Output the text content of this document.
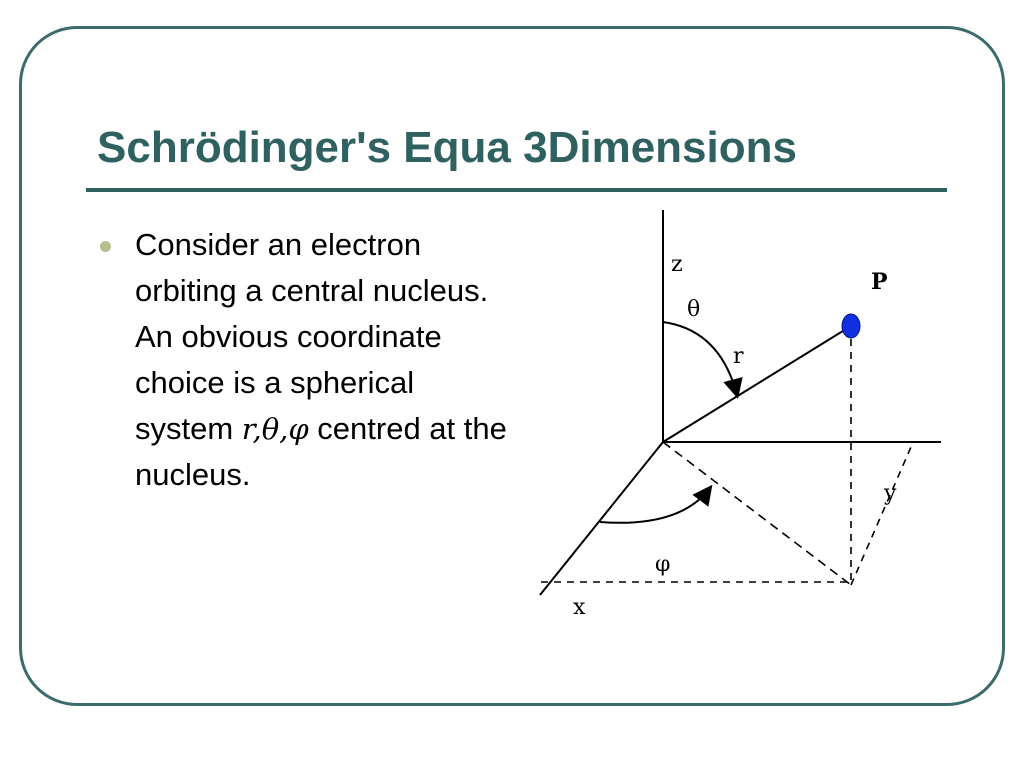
Schrödinger's Equa 3Dimensions
Consider an electron orbiting a central nucleus. An obvious coordinate choice is a spherical system r,θ,φ centred at the nucleus.
z
θ
r
P
y
φ
x
